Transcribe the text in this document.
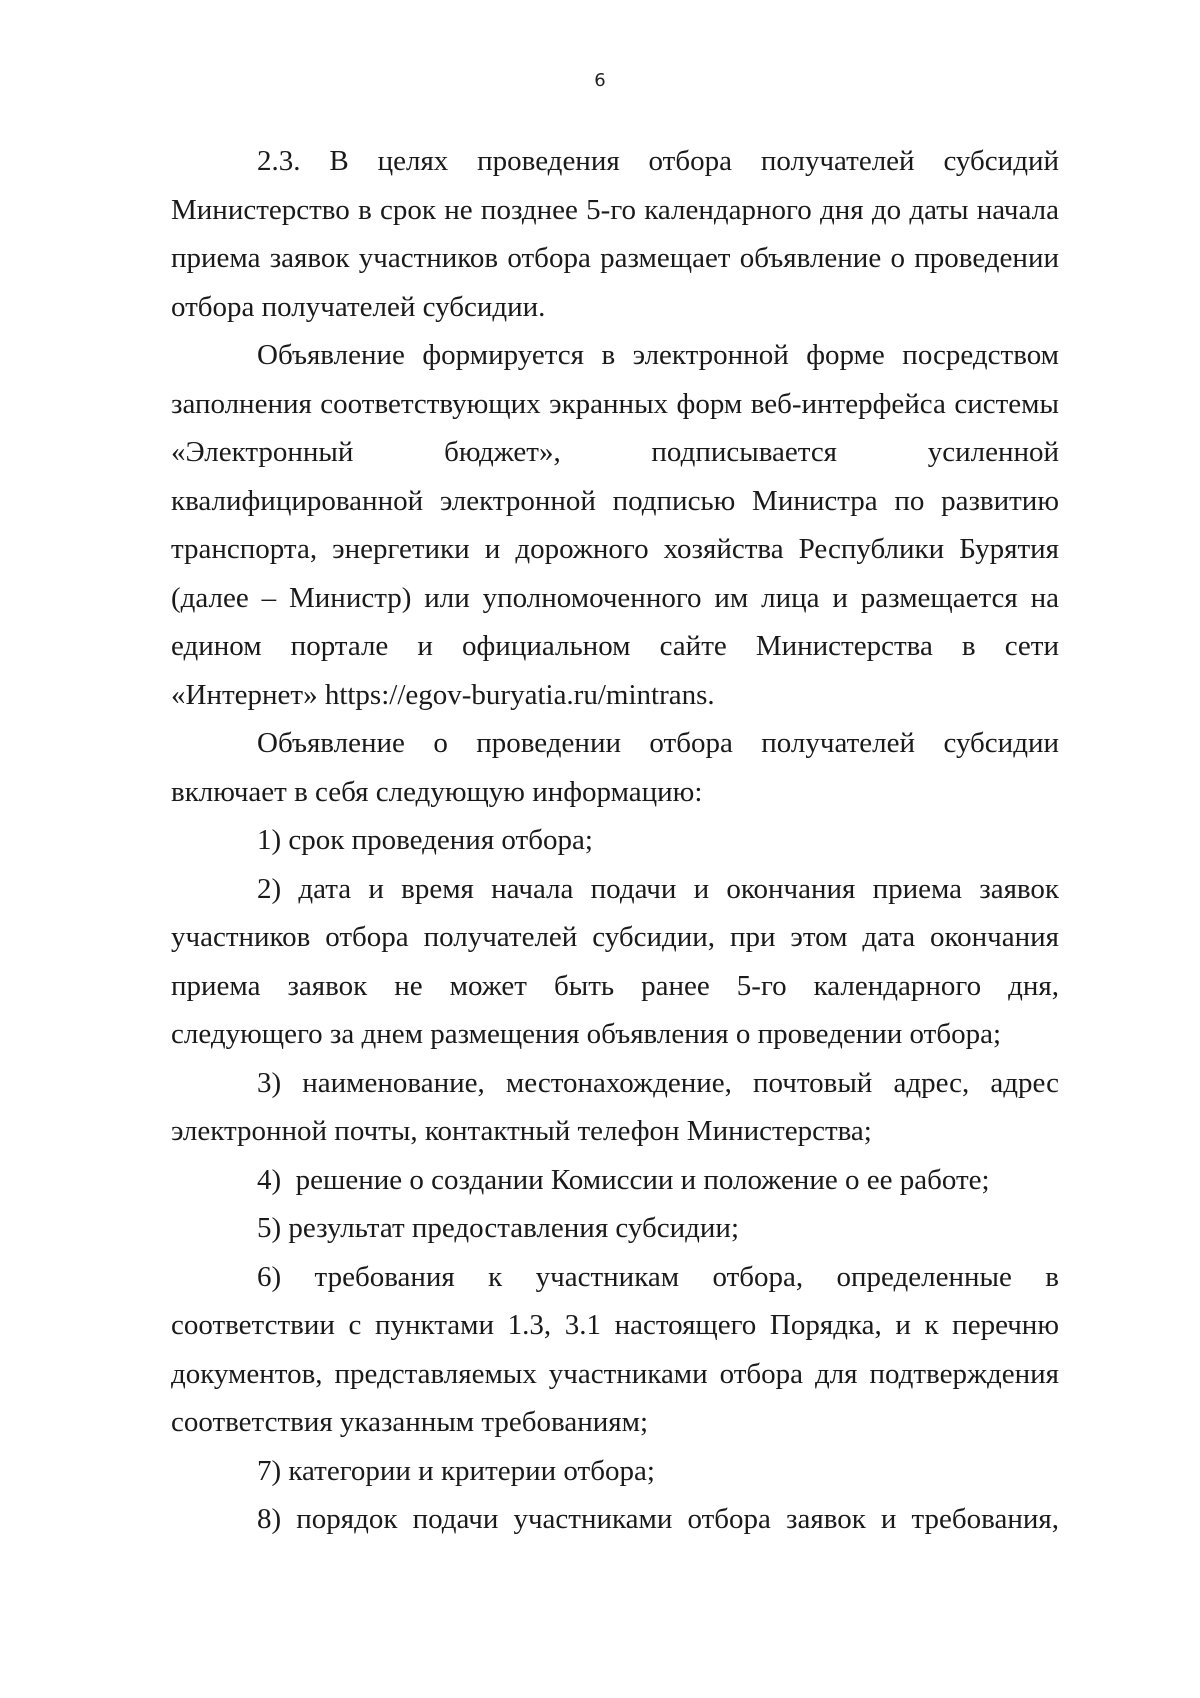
6

2.3. В целях проведения отбора получателей субсидий Министерство в срок не позднее 5-го календарного дня до даты начала приема заявок участников отбора размещает объявление о проведении отбора получателей субсидии.

Объявление формируется в электронной форме посредством заполнения соответствующих экранных форм веб-интерфейса системы «Электронный бюджет», подписывается усиленной квалифицированной электронной подписью Министра по развитию транспорта, энергетики и дорожного хозяйства Республики Бурятия (далее – Министр) или уполномоченного им лица и размещается на едином портале и официальном сайте Министерства в сети «Интернет» https://egov-buryatia.ru/mintrans.

Объявление о проведении отбора получателей субсидии включает в себя следующую информацию:

1) срок проведения отбора;

2) дата и время начала подачи и окончания приема заявок участников отбора получателей субсидии, при этом дата окончания приема заявок не может быть ранее 5-го календарного дня, следующего за днем размещения объявления о проведении отбора;

3) наименование, местонахождение, почтовый адрес, адрес электронной почты, контактный телефон Министерства;

4)  решение о создании Комиссии и положение о ее работе;

5) результат предоставления субсидии;

6) требования к участникам отбора, определенные в соответствии с пунктами 1.3, 3.1 настоящего Порядка, и к перечню документов, представляемых участниками отбора для подтверждения соответствия указанным требованиям;

7) категории и критерии отбора;

8) порядок подачи участниками отбора заявок и требования,
